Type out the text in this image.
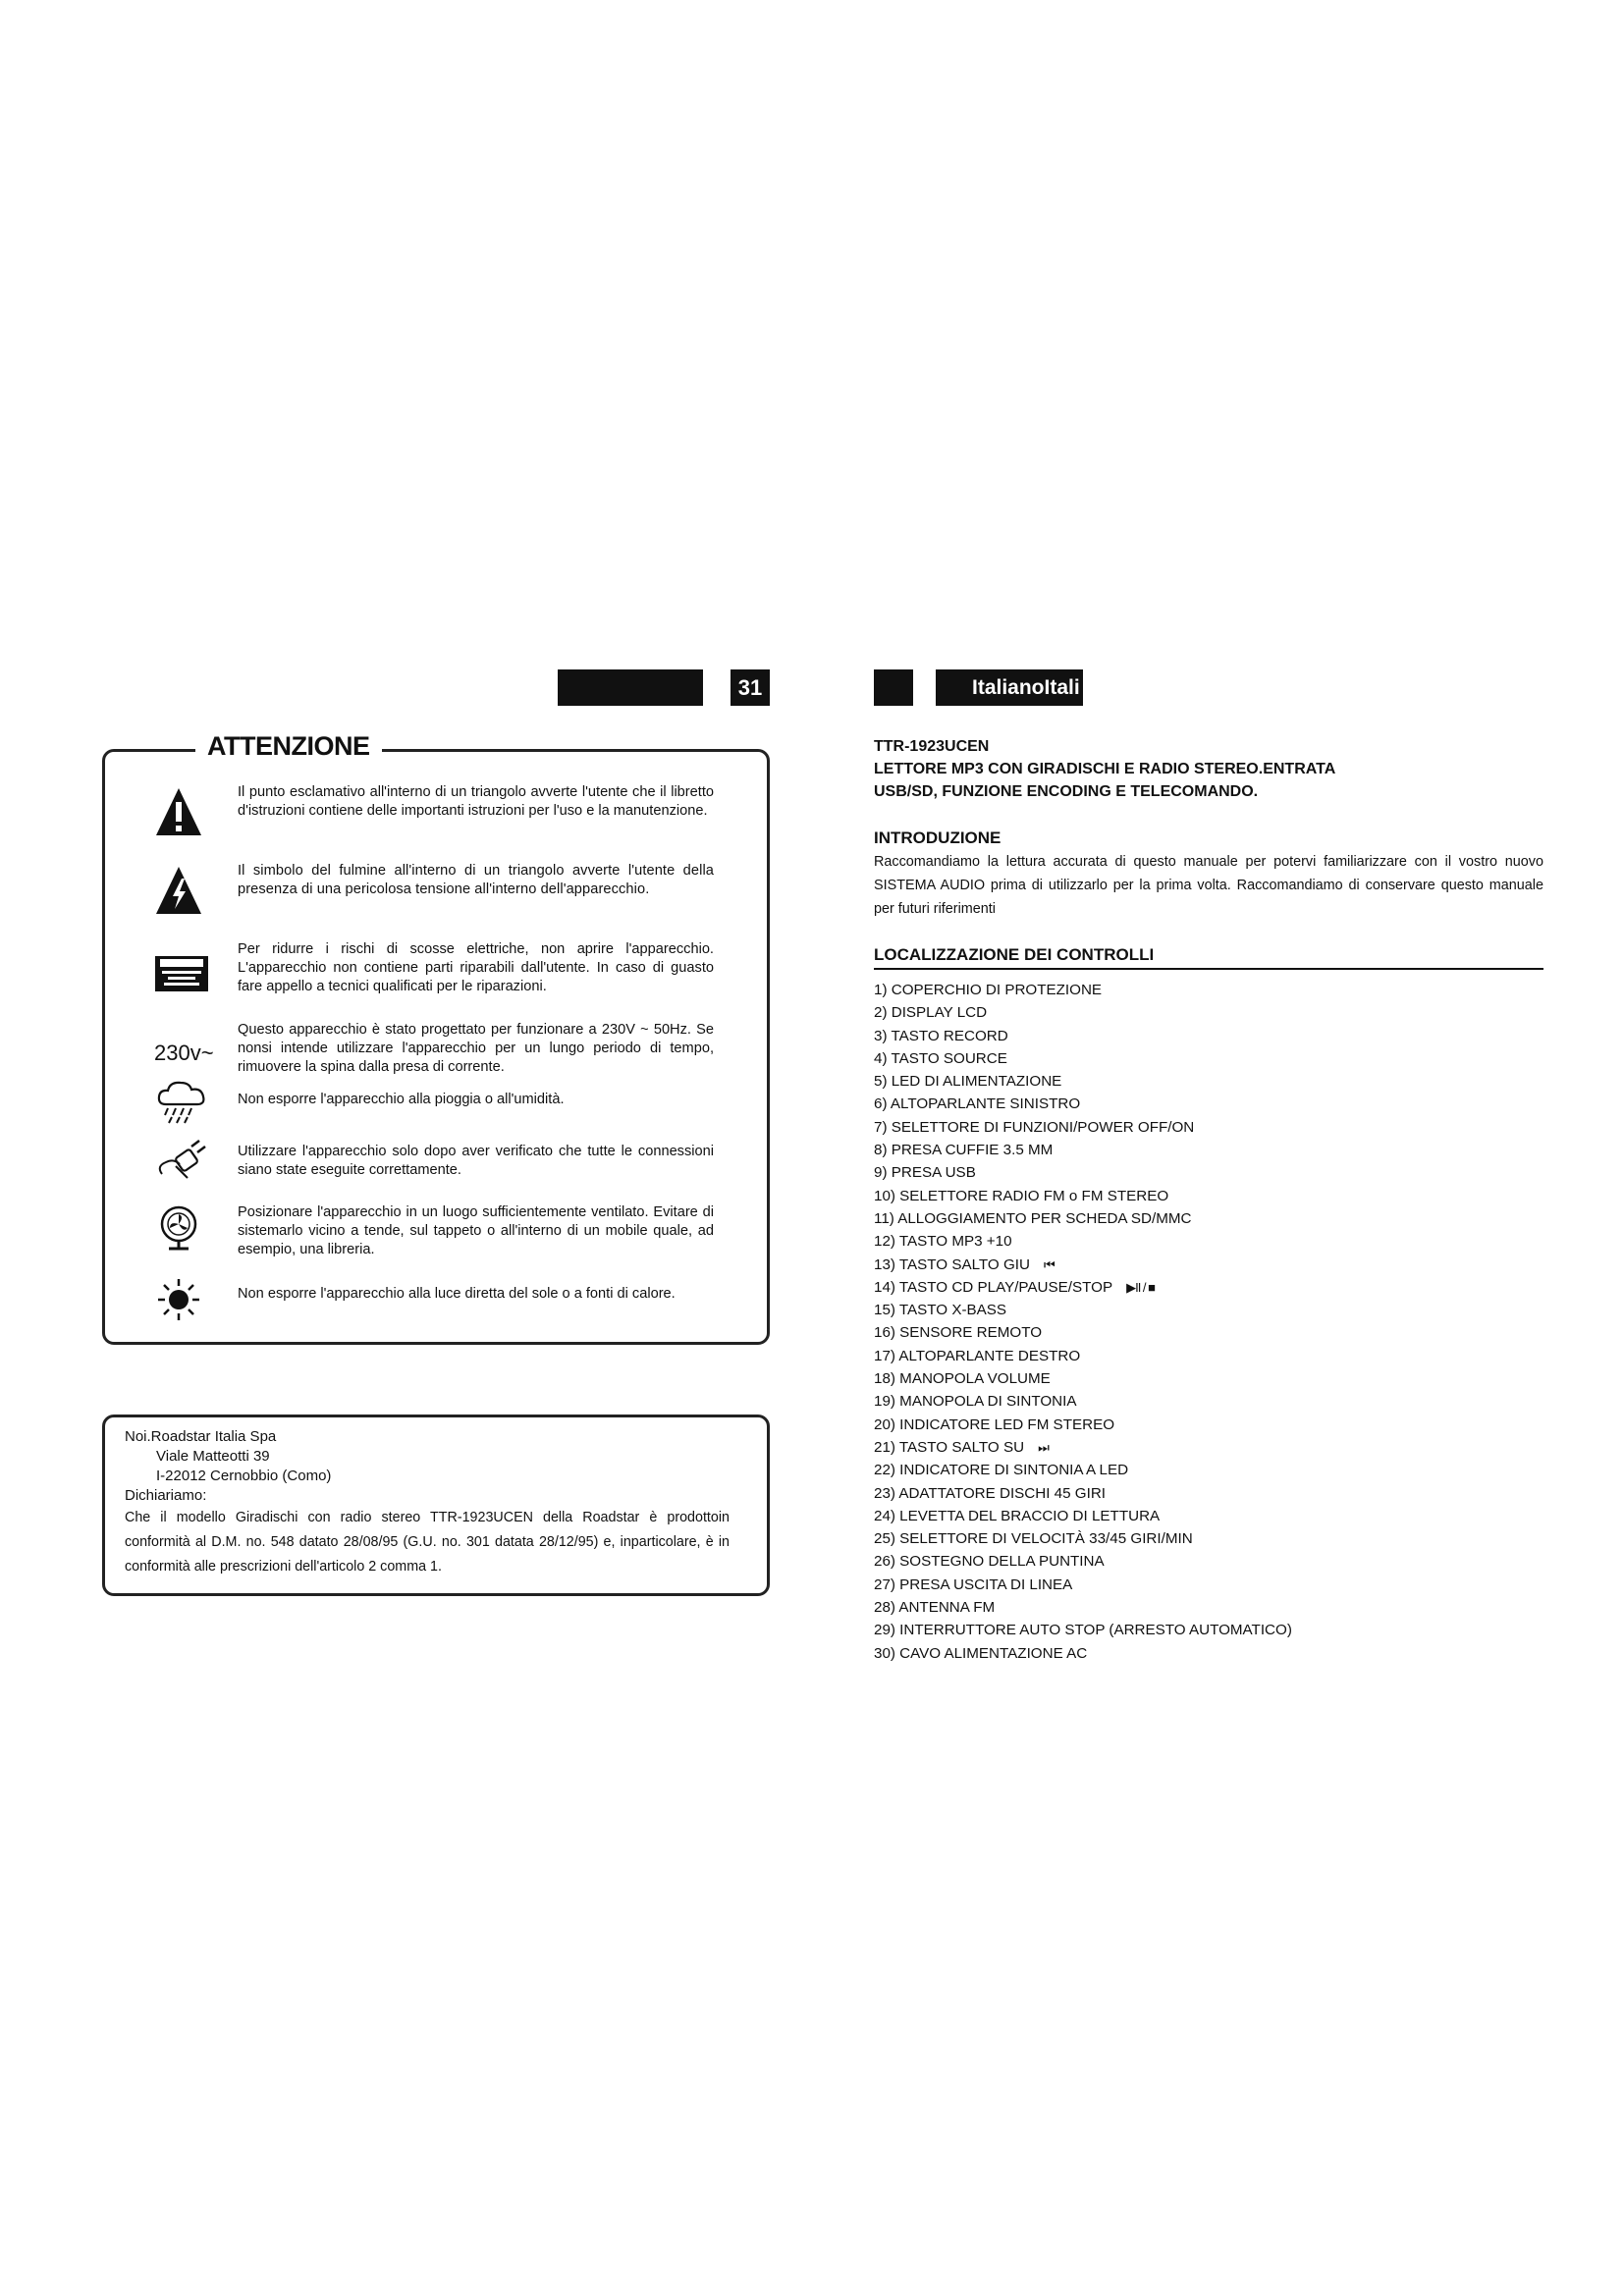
31	ItalianoItali
ATTENZIONE
Il punto esclamativo all'interno di un triangolo avverte l'utente che il libretto d'istruzioni contiene delle importanti istruzioni per l'uso e la manutenzione.
Il simbolo del fulmine all'interno di un triangolo avverte l'utente della presenza di una pericolosa tensione all'interno dell'apparecchio.
Per ridurre i rischi di scosse elettriche, non aprire l'apparecchio. L'apparecchio non contiene parti riparabili dall'utente. In caso di guasto fare appello a tecnici qualificati per le riparazioni.
230v~
Questo apparecchio è stato progettato per funzionare a 230V ~ 50Hz. Se nonsi intende utilizzare l'apparecchio per un lungo periodo di tempo, rimuovere la spina dalla presa di corrente.
Non esporre l'apparecchio alla pioggia o all'umidità.
Utilizzare l'apparecchio solo dopo aver verificato che tutte le connessioni siano state eseguite correttamente.
Posizionare l'apparecchio in un luogo sufficientemente ventilato. Evitare di sistemarlo vicino a tende, sul tappeto o all'interno di un mobile quale, ad esempio, una libreria.
Non esporre l'apparecchio alla luce diretta del sole o a fonti di calore.
Noi.Roadstar Italia Spa
Viale Matteotti 39
I-22012 Cernobbio (Como)
Dichiariamo:
Che il modello Giradischi con radio stereo TTR-1923UCEN della Roadstar è prodottoin conformità al D.M. no. 548 datato 28/08/95 (G.U. no. 301 datata 28/12/95) e, inparticolare, è in conformità alle prescrizioni dell'articolo 2 comma 1.
TTR-1923UCEN
LETTORE MP3 CON GIRADISCHI E RADIO STEREO.ENTRATA
USB/SD, FUNZIONE ENCODING E TELECOMANDO.
INTRODUZIONE
Raccomandiamo la lettura accurata di questo manuale per potervi familiarizzare con il vostro nuovo SISTEMA AUDIO prima di utilizzarlo per la prima volta. Raccomandiamo di conservare questo manuale per futuri riferimenti
LOCALIZZAZIONE DEI CONTROLLI
1) COPERCHIO DI PROTEZIONE
2) DISPLAY LCD
3) TASTO RECORD
4) TASTO SOURCE
5) LED DI ALIMENTAZIONE
6) ALTOPARLANTE SINISTRO
7) SELETTORE DI FUNZIONI/POWER OFF/ON
8) PRESA CUFFIE 3.5 MM
9) PRESA USB
10) SELETTORE RADIO FM o FM STEREO
11) ALLOGGIAMENTO PER SCHEDA SD/MMC
12) TASTO MP3 +10
13) TASTO SALTO GIU ⏮
14) TASTO CD PLAY/PAUSE/STOP ▶II / ■
15) TASTO X-BASS
16) SENSORE REMOTO
17) ALTOPARLANTE DESTRO
18) MANOPOLA VOLUME
19) MANOPOLA DI SINTONIA
20) INDICATORE LED FM STEREO
21) TASTO SALTO SU ⏭
22) INDICATORE DI SINTONIA A LED
23) ADATTATORE DISCHI 45 GIRI
24) LEVETTA DEL BRACCIO DI LETTURA
25) SELETTORE DI VELOCITÀ 33/45 GIRI/MIN
26) SOSTEGNO DELLA PUNTINA
27) PRESA USCITA DI LINEA
28) ANTENNA FM
29) INTERRUTTORE AUTO STOP (ARRESTO AUTOMATICO)
30) CAVO ALIMENTAZIONE AC
